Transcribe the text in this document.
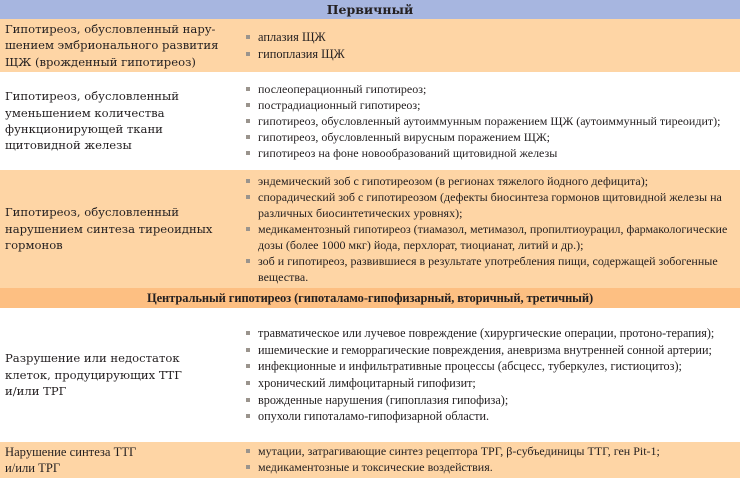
Первичный
Гипотиреоз, обусловленный нару-
шением эмбрионального развития
ЩЖ (врожденный гипотиреоз)
аплазия ЩЖ
гипоплазия ЩЖ
Гипотиреоз, обусловленный
уменьшением количества
функционирующей ткани
щитовидной железы
послеоперационный гипотиреоз;
пострадиационный гипотиреоз;
гипотиреоз, обусловленный аутоиммунным поражением ЩЖ (аутоиммунный тиреоидит);
гипотиреоз, обусловленный вирусным поражением ЩЖ;
гипотиреоз на фоне новообразований щитовидной железы
Гипотиреоз, обусловленный
нарушением синтеза тиреоидных
гормонов
эндемический зоб с гипотиреозом (в регионах тяжелого йодного дефицита);
спорадический зоб с гипотиреозом (дефекты биосинтеза гормонов щитовидной железы на различных биосинтетических уровнях);
медикаментозный гипотиреоз (тиамазол, метимазол, пропилтиоурацил, фармакологические дозы (более 1000 мкг) йода, перхлорат, тиоцианат, литий и др.);
зоб и гипотиреоз, развившиеся в результате употребления пищи, содержащей зобогенные вещества.
Центральный гипотиреоз (гипоталамо-гипофизарный, вторичный, третичный)
Разрушение или недостаток
клеток, продуцирующих ТТГ
и/или ТРГ
травматическое или лучевое повреждение (хирургические операции, протоно-терапия);
ишемические и геморрагические повреждения, аневризма внутренней сонной артерии;
инфекционные и инфильтративные процессы (абсцесс, туберкулез, гистиоцитоз);
хронический лимфоцитарный гипофизит;
врожденные нарушения (гипоплазия гипофиза);
опухоли гипоталамо-гипофизарной области.
Нарушение синтеза ТТГ
и/или ТРГ
мутации, затрагивающие синтез рецептора ТРГ, β-субъединицы ТТГ, ген Pit-1;
медикаментозные и токсические воздействия.
